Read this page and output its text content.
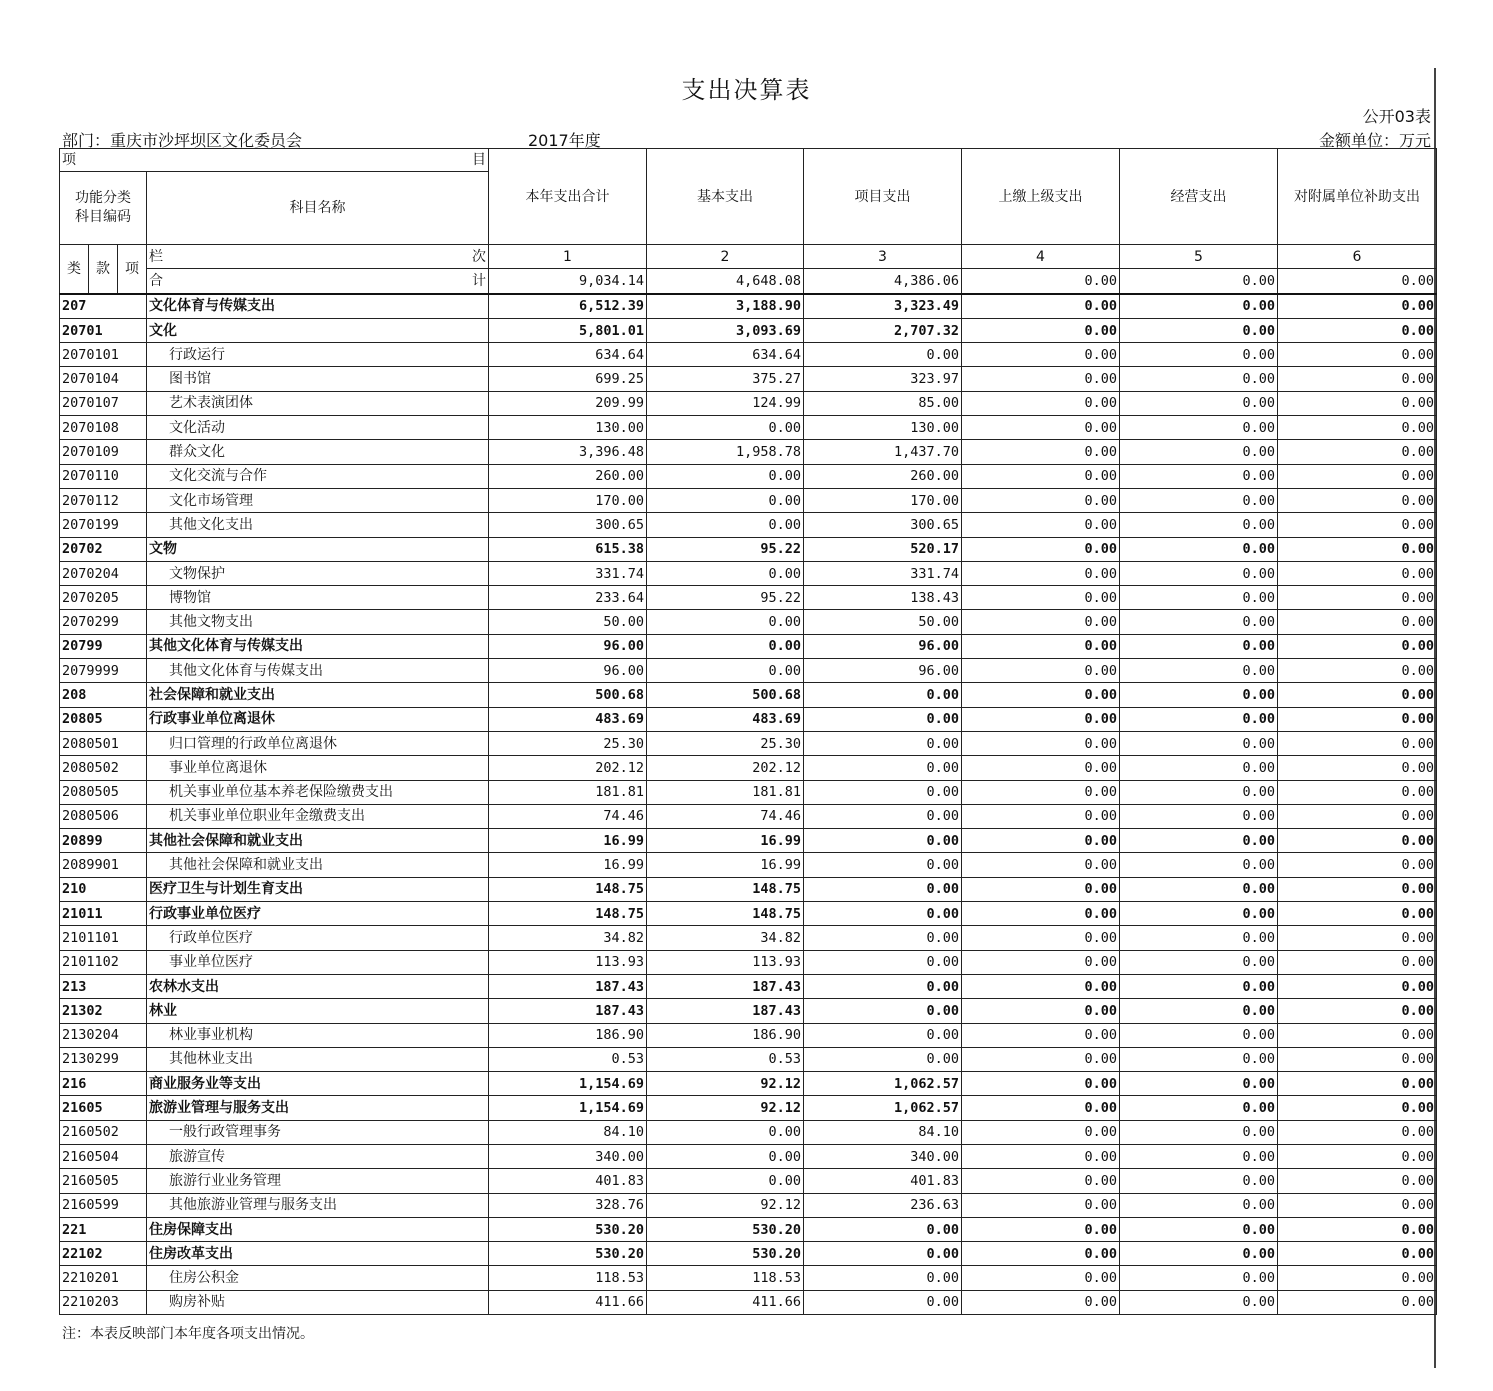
支出决算表
公开03表
部门：重庆市沙坪坝区文化委员会	2017年度	金额单位：万元
项 目				本年支出合计	基本支出	项目支出	上缴上级支出	经营支出	对附属单位补助支出
功能分类
科目编码			科目名称						

类	款	项	栏 次	1	2	3	4	5	6

			合 计	9,034.14	4,648.08	4,386.06	0.00	0.00	0.00
207			文化体育与传媒支出	6,512.39	3,188.90	3,323.49	0.00	0.00	0.00
20701			文化	5,801.01	3,093.69	2,707.32	0.00	0.00	0.00
2070101			行政运行	634.64	634.64	0.00	0.00	0.00	0.00
2070104			图书馆	699.25	375.27	323.97	0.00	0.00	0.00
2070107			艺术表演团体	209.99	124.99	85.00	0.00	0.00	0.00
2070108			文化活动	130.00	0.00	130.00	0.00	0.00	0.00
2070109			群众文化	3,396.48	1,958.78	1,437.70	0.00	0.00	0.00
2070110			文化交流与合作	260.00	0.00	260.00	0.00	0.00	0.00
2070112			文化市场管理	170.00	0.00	170.00	0.00	0.00	0.00
2070199			其他文化支出	300.65	0.00	300.65	0.00	0.00	0.00
20702			文物	615.38	95.22	520.17	0.00	0.00	0.00
2070204			文物保护	331.74	0.00	331.74	0.00	0.00	0.00
2070205			博物馆	233.64	95.22	138.43	0.00	0.00	0.00
2070299			其他文物支出	50.00	0.00	50.00	0.00	0.00	0.00
20799			其他文化体育与传媒支出	96.00	0.00	96.00	0.00	0.00	0.00
2079999			其他文化体育与传媒支出	96.00	0.00	96.00	0.00	0.00	0.00
208			社会保障和就业支出	500.68	500.68	0.00	0.00	0.00	0.00
20805			行政事业单位离退休	483.69	483.69	0.00	0.00	0.00	0.00
2080501			归口管理的行政单位离退休	25.30	25.30	0.00	0.00	0.00	0.00
2080502			事业单位离退休	202.12	202.12	0.00	0.00	0.00	0.00
2080505			机关事业单位基本养老保险缴费支出	181.81	181.81	0.00	0.00	0.00	0.00
2080506			机关事业单位职业年金缴费支出	74.46	74.46	0.00	0.00	0.00	0.00
20899			其他社会保障和就业支出	16.99	16.99	0.00	0.00	0.00	0.00
2089901			其他社会保障和就业支出	16.99	16.99	0.00	0.00	0.00	0.00
210			医疗卫生与计划生育支出	148.75	148.75	0.00	0.00	0.00	0.00
21011			行政事业单位医疗	148.75	148.75	0.00	0.00	0.00	0.00
2101101			行政单位医疗	34.82	34.82	0.00	0.00	0.00	0.00
2101102			事业单位医疗	113.93	113.93	0.00	0.00	0.00	0.00
213			农林水支出	187.43	187.43	0.00	0.00	0.00	0.00
21302			林业	187.43	187.43	0.00	0.00	0.00	0.00
2130204			林业事业机构	186.90	186.90	0.00	0.00	0.00	0.00
2130299			其他林业支出	0.53	0.53	0.00	0.00	0.00	0.00
216			商业服务业等支出	1,154.69	92.12	1,062.57	0.00	0.00	0.00
21605			旅游业管理与服务支出	1,154.69	92.12	1,062.57	0.00	0.00	0.00
2160502			一般行政管理事务	84.10	0.00	84.10	0.00	0.00	0.00
2160504			旅游宣传	340.00	0.00	340.00	0.00	0.00	0.00
2160505			旅游行业业务管理	401.83	0.00	401.83	0.00	0.00	0.00
2160599			其他旅游业管理与服务支出	328.76	92.12	236.63	0.00	0.00	0.00
221			住房保障支出	530.20	530.20	0.00	0.00	0.00	0.00
22102			住房改革支出	530.20	530.20	0.00	0.00	0.00	0.00
2210201			住房公积金	118.53	118.53	0.00	0.00	0.00	0.00
2210203			购房补贴	411.66	411.66	0.00	0.00	0.00	0.00
注：本表反映部门本年度各项支出情况。
